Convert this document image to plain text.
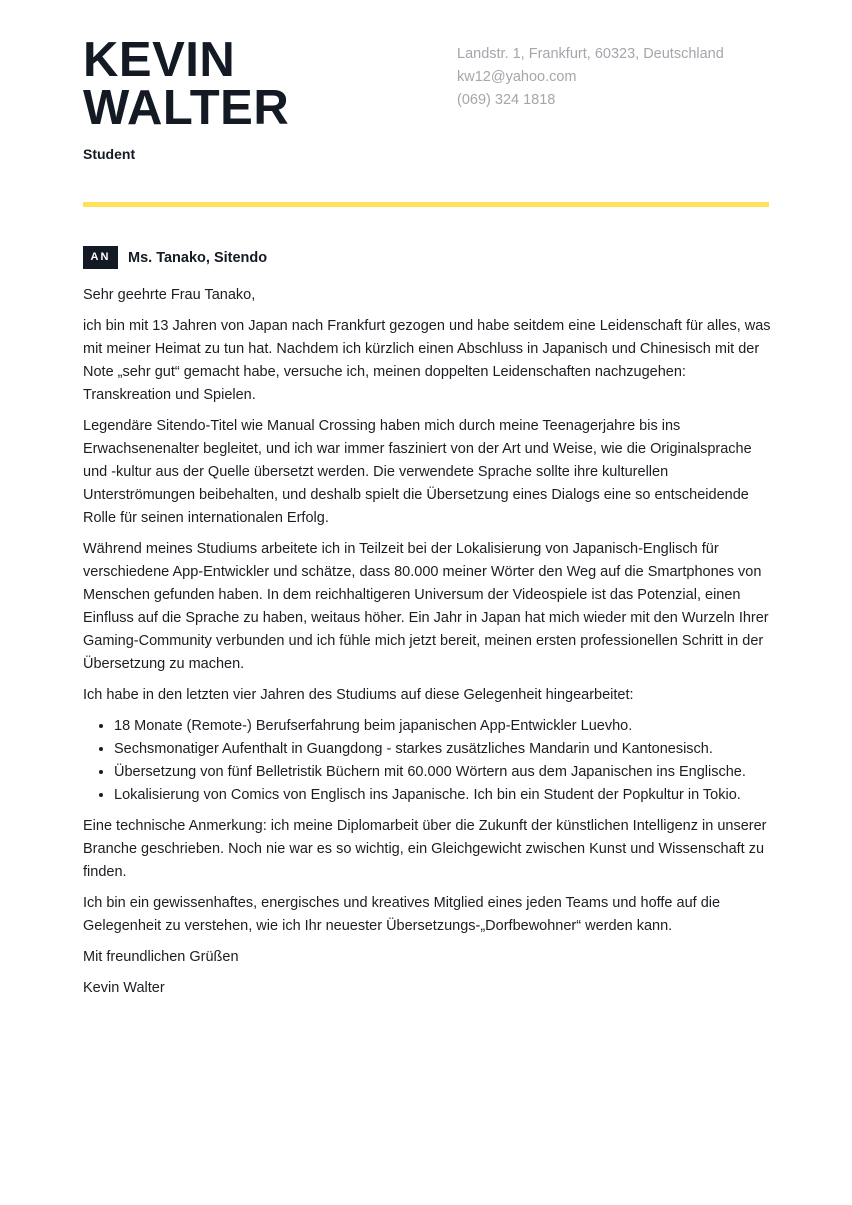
KEVIN
WALTER
Student
Landstr. 1, Frankfurt, 60323, Deutschland
kw12@yahoo.com
(069) 324 1818
AN	Ms. Tanako, Sitendo

Sehr geehrte Frau Tanako,

ich bin mit 13 Jahren von Japan nach Frankfurt gezogen und habe seitdem eine Leidenschaft für alles, was mit meiner Heimat zu tun hat. Nachdem ich kürzlich einen Abschluss in Japanisch und Chinesisch mit der Note „sehr gut“ gemacht habe, versuche ich, meinen doppelten Leidenschaften nachzugehen: Transkreation und Spielen.

Legendäre Sitendo-Titel wie Manual Crossing haben mich durch meine Teenagerjahre bis ins Erwachsenenalter begleitet, und ich war immer fasziniert von der Art und Weise, wie die Originalsprache und -kultur aus der Quelle übersetzt werden. Die verwendete Sprache sollte ihre kulturellen Unterströmungen beibehalten, und deshalb spielt die Übersetzung eines Dialogs eine so entscheidende Rolle für seinen internationalen Erfolg.

Während meines Studiums arbeitete ich in Teilzeit bei der Lokalisierung von Japanisch-Englisch für verschiedene App-Entwickler und schätze, dass 80.000 meiner Wörter den Weg auf die Smartphones von Menschen gefunden haben. In dem reichhaltigeren Universum der Videospiele ist das Potenzial, einen Einfluss auf die Sprache zu haben, weitaus höher. Ein Jahr in Japan hat mich wieder mit den Wurzeln Ihrer Gaming-Community verbunden und ich fühle mich jetzt bereit, meinen ersten professionellen Schritt in der Übersetzung zu machen.

Ich habe in den letzten vier Jahren des Studiums auf diese Gelegenheit hingearbeitet:

• 18 Monate (Remote-) Berufserfahrung beim japanischen App-Entwickler Luevho.
• Sechsmonatiger Aufenthalt in Guangdong - starkes zusätzliches Mandarin und Kantonesisch.
• Übersetzung von fünf Belletristik Büchern mit 60.000 Wörtern aus dem Japanischen ins Englische.
• Lokalisierung von Comics von Englisch ins Japanische. Ich bin ein Student der Popkultur in Tokio.

Eine technische Anmerkung: ich meine Diplomarbeit über die Zukunft der künstlichen Intelligenz in unserer Branche geschrieben. Noch nie war es so wichtig, ein Gleichgewicht zwischen Kunst und Wissenschaft zu finden.

Ich bin ein gewissenhaftes, energisches und kreatives Mitglied eines jeden Teams und hoffe auf die Gelegenheit zu verstehen, wie ich Ihr neuester Übersetzungs-„Dorfbewohner“ werden kann.

Mit freundlichen Grüßen

Kevin Walter
